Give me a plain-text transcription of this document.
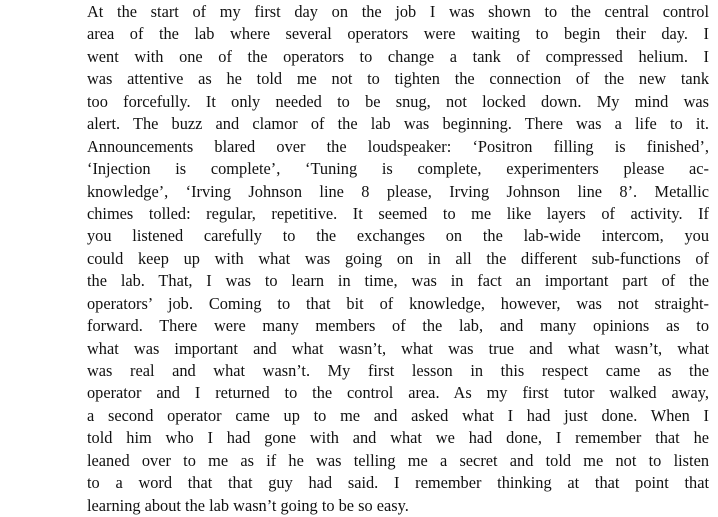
At the start of my first day on the job I was shown to the central control
area of the lab where several operators were waiting to begin their day. I
went with one of the operators to change a tank of compressed helium. I
was attentive as he told me not to tighten the connection of the new tank
too forcefully. It only needed to be snug, not locked down. My mind was
alert. The buzz and clamor of the lab was beginning. There was a life to it.
Announcements blared over the loudspeaker: ‘Positron filling is finished’,
‘Injection is complete’, ‘Tuning is complete, experimenters please ac-
knowledge’, ‘Irving Johnson line 8 please, Irving Johnson line 8’. Metallic
chimes tolled: regular, repetitive. It seemed to me like layers of activity. If
you listened carefully to the exchanges on the lab-wide intercom, you
could keep up with what was going on in all the different sub-functions of
the lab. That, I was to learn in time, was in fact an important part of the
operators’ job. Coming to that bit of knowledge, however, was not straight-
forward. There were many members of the lab, and many opinions as to
what was important and what wasn’t, what was true and what wasn’t, what
was real and what wasn’t. My first lesson in this respect came as the
operator and I returned to the control area. As my first tutor walked away,
a second operator came up to me and asked what I had just done. When I
told him who I had gone with and what we had done, I remember that he
leaned over to me as if he was telling me a secret and told me not to listen
to a word that that guy had said. I remember thinking at that point that
learning about the lab wasn’t going to be so easy.
